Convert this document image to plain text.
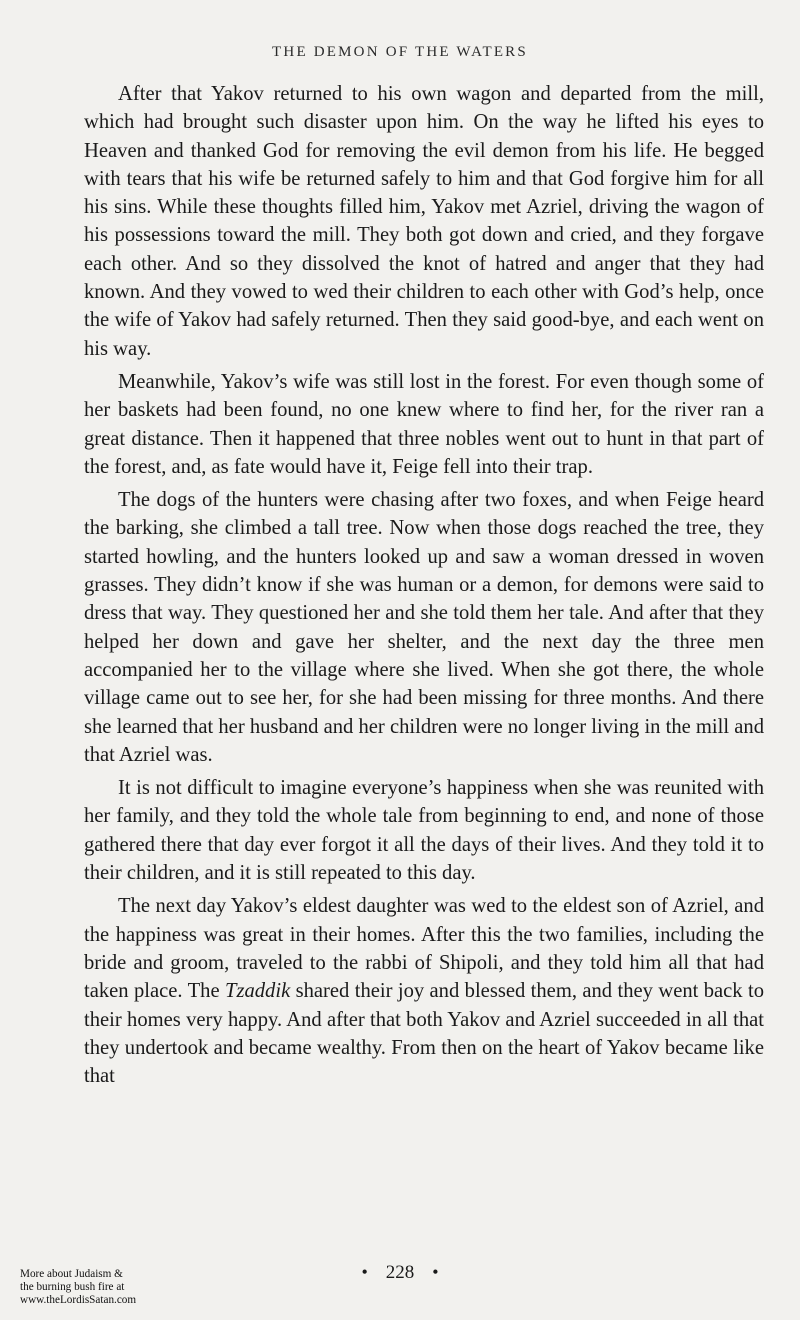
THE DEMON OF THE WATERS

After that Yakov returned to his own wagon and departed from the mill, which had brought such disaster upon him. On the way he lifted his eyes to Heaven and thanked God for removing the evil demon from his life. He begged with tears that his wife be returned safely to him and that God forgive him for all his sins. While these thoughts filled him, Yakov met Azriel, driving the wagon of his possessions toward the mill. They both got down and cried, and they forgave each other. And so they dissolved the knot of hatred and anger that they had known. And they vowed to wed their children to each other with God’s help, once the wife of Yakov had safely returned. Then they said good-bye, and each went on his way.

Meanwhile, Yakov’s wife was still lost in the forest. For even though some of her baskets had been found, no one knew where to find her, for the river ran a great distance. Then it happened that three nobles went out to hunt in that part of the forest, and, as fate would have it, Feige fell into their trap.

The dogs of the hunters were chasing after two foxes, and when Feige heard the barking, she climbed a tall tree. Now when those dogs reached the tree, they started howling, and the hunters looked up and saw a woman dressed in woven grasses. They didn’t know if she was human or a demon, for demons were said to dress that way. They questioned her and she told them her tale. And after that they helped her down and gave her shelter, and the next day the three men accompanied her to the village where she lived. When she got there, the whole village came out to see her, for she had been missing for three months. And there she learned that her husband and her children were no longer living in the mill and that Azriel was.

It is not difficult to imagine everyone’s happiness when she was reunited with her family, and they told the whole tale from beginning to end, and none of those gathered there that day ever forgot it all the days of their lives. And they told it to their children, and it is still repeated to this day.

The next day Yakov’s eldest daughter was wed to the eldest son of Azriel, and the happiness was great in their homes. After this the two families, including the bride and groom, traveled to the rabbi of Shipoli, and they told him all that had taken place. The Tzaddik shared their joy and blessed them, and they went back to their homes very happy. And after that both Yakov and Azriel succeeded in all that they undertook and became wealthy. From then on the heart of Yakov became like that

• 228 •
More about Judaism &
the burning bush fire at
www.theLordisSatan.com
